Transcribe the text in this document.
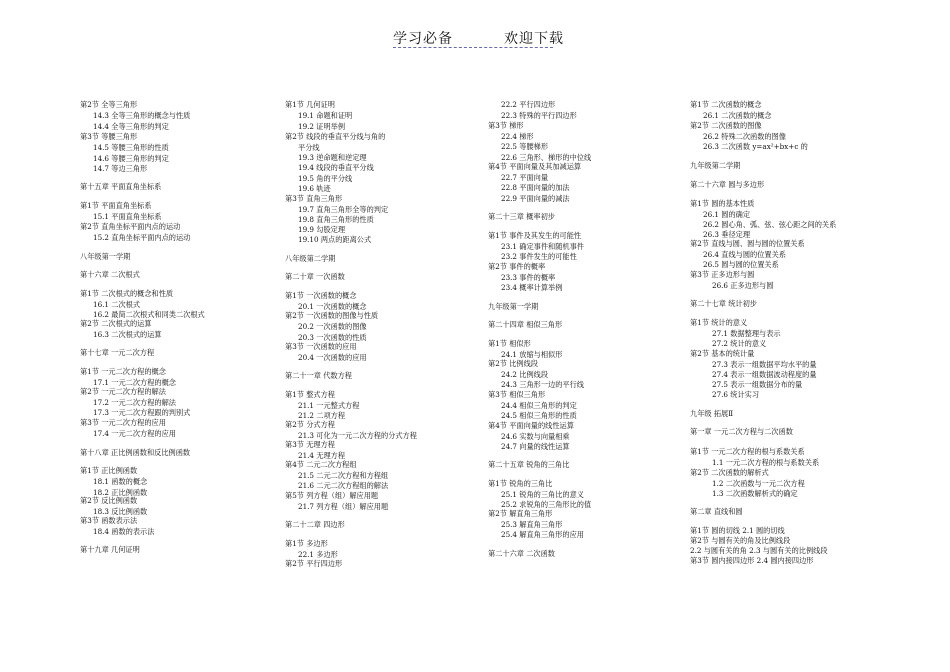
学习必备	欢迎下载
第2节 全等三角形
14.3 全等三角形的概念与性质
14.4 全等三角形的判定
第3节 等腰三角形
14.5 等腰三角形的性质
14.6 等腰三角形的判定
14.7 等边三角形
第十五章 平面直角坐标系
第1节 平面直角坐标系
15.1 平面直角坐标系
第2节 直角坐标平面内点的运动
15.2 直角坐标平面内点的运动
八年级第一学期
第十六章 二次根式
第1节 二次根式的概念和性质
16.1 二次根式
16.2 最简二次根式和同类二次根式
第2节 二次根式的运算
16.3 二次根式的运算
第十七章 一元二次方程
第1节 一元二次方程的概念
17.1 一元二次方程的概念
第2节 一元二次方程的解法
17.2 一元二次方程的解法
17.3 一元二次方程跟的判别式
第3节 一元二次方程的应用
17.4 一元二次方程的应用
第十八章 正比例函数和反比例函数
第1节 正比例函数
18.1 函数的概念
18.2 正比例函数
第2节 反比例函数
18.3 反比例函数
第3节 函数表示法
18.4 函数的表示法
第十九章 几何证明
第1节 几何证明
19.1 命题和证明
19.2 证明举例
第2节 线段的垂直平分线与角的
平分线
19.3 逆命题和逆定理
19.4 线段的垂直平分线
19.5 角的平分线
19.6 轨迹
第3节 直角三角形
19.7 直角三角形全等的判定
19.8 直角三角形的性质
19.9 勾股定理
19.10 两点的距离公式
八年级第二学期
第二十章 一次函数
第1节 一次函数的概念
20.1 一次函数的概念
第2节 一次函数的图像与性质
20.2 一次函数的图像
20.3 一次函数的性质
第3节 一次函数的应用
20.4 一次函数的应用
第二十一章 代数方程
第1节 整式方程
21.1 一元整式方程
21.2 二项方程
第2节 分式方程
21.3 可化为一元二次方程的分式方程
第3节 无理方程
21.4 无理方程
第4节 二元二次方程组
21.5 二元二次方程和方程组
21.6 二元二次方程组的解法
第5节 列方程（组）解应用题
21.7 列方程（组）解应用题
第二十二章 四边形
第1节 多边形
22.1 多边形
第2节 平行四边形
22.2 平行四边形
22.3 特殊的平行四边形
第3节 梯形
22.4 梯形
22.5 等腰梯形
22.6 三角形、梯形的中位线
第4节 平面向量及其加减运算
22.7 平面向量
22.8 平面向量的加法
22.9 平面向量的减法
第二十三章 概率初步
第1节 事件及其发生的可能性
23.1 确定事件和随机事件
23.2 事件发生的可能性
第2节 事件的概率
23.3 事件的概率
23.4 概率计算举例
九年级第一学期
第二十四章 相似三角形
第1节 相似形
24.1 放缩与相似形
第2节 比例线段
24.2 比例线段
24.3 三角形一边的平行线
第3节 相似三角形
24.4 相似三角形的判定
24.5 相似三角形的性质
第4节 平面向量的线性运算
24.6 实数与向量相乘
24.7 向量的线性运算
第二十五章 锐角的三角比
第1节 锐角的三角比
25.1 锐角的三角比的意义
25.2 求锐角的三角形比的值
第2节 解直角三角形
25.3 解直角三角形
25.4 解直角三角形的应用
第二十六章 二次函数
第1节 二次函数的概念
26.1 二次函数的概念
第2节 二次函数的图像
26.2 特殊二次函数的图像
26.3 二次函数 y=ax²+bx+c 的
九年级第二学期
第二十六章 圆与多边形
第1节 圆的基本性质
26.1 圆的确定
26.2 圆心角、弧、弦、弦心距之间的关系
26.3 垂径定理
第2节 直线与圆、圆与圆的位置关系
26.4 直线与圆的位置关系
26.5 圆与圆的位置关系
第3节 正多边形与圆
26.6 正多边形与圆
第二十七章 统计初步
第1节 统计的意义
27.1 数据整理与表示
27.2 统计的意义
第2节 基本的统计量
27.3 表示一组数据平均水平的量
27.4 表示一组数据波动程度的量
27.5 表示一组数据分布的量
27.6 统计实习
九年级 拓展Ⅱ
第一章 一元二次方程与二次函数
第1节 一元二次方程的根与系数关系
1.1 一元二次方程的根与系数关系
第2节 二次函数的解析式
1.2 二次函数与一元二次方程
1.3 二次函数解析式的确定
第二章 直线和圆
第1节 圆的切线 2.1 圆的切线
第2节 与圆有关的角及比例线段
2.2 与圆有关的角 2.3 与圆有关的比例线段
第3节 圆内接四边形 2.4 圆内接四边形
